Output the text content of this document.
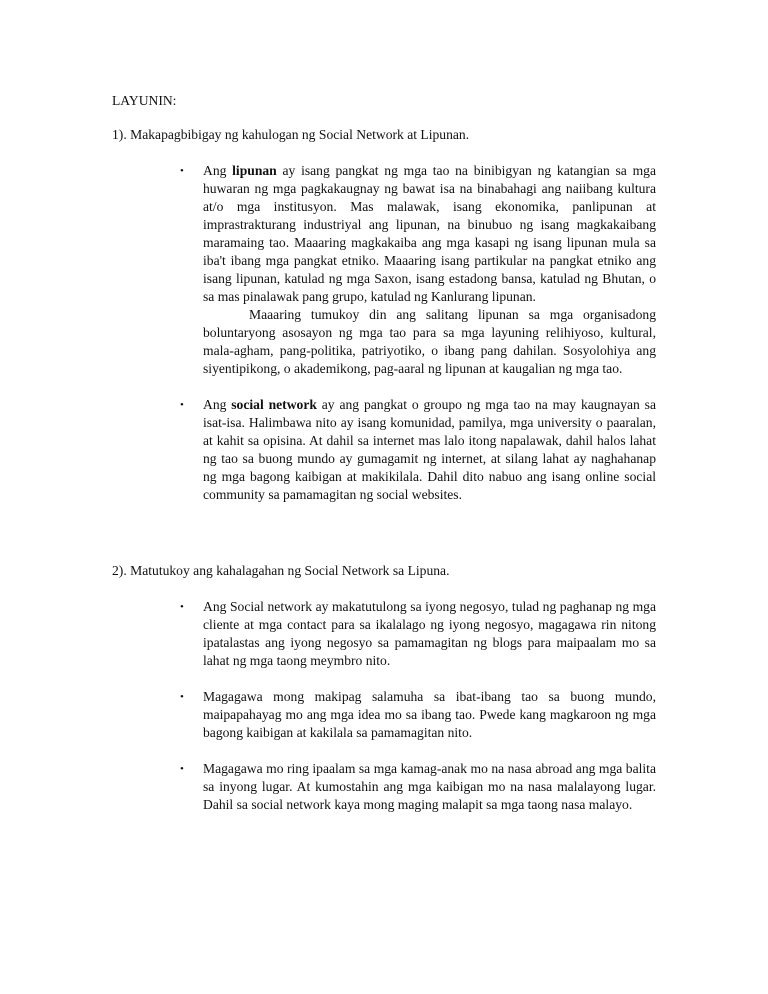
LAYUNIN:

1). Makapagbibigay ng kahulogan ng Social Network at Lipunan.

• Ang lipunan ay isang pangkat ng mga tao na binibigyan ng katangian sa mga huwaran ng mga pagkakaugnay ng bawat isa na binabahagi ang naiibang kultura at/o mga institusyon. Mas malawak, isang ekonomika, panlipunan at imprastrakturang industriyal ang lipunan, na binubuo ng isang magkakaibang maramaing tao. Maaaring magkakaiba ang mga kasapi ng isang lipunan mula sa iba't ibang mga pangkat etniko. Maaaring isang partikular na pangkat etniko ang isang lipunan, katulad ng mga Saxon, isang estadong bansa, katulad ng Bhutan, o sa mas pinalawak pang grupo, katulad ng Kanlurang lipunan.

Maaaring tumukoy din ang salitang lipunan sa mga organisadong boluntaryong asosayon ng mga tao para sa mga layuning relihiyoso, kultural, mala-agham, pang-politika, patriyotiko, o ibang pang dahilan. Sosyolohiya ang siyentipikong, o akademikong, pag-aaral ng lipunan at kaugalian ng mga tao.

• Ang social network ay ang pangkat o groupo ng mga tao na may kaugnayan sa isat-isa. Halimbawa nito ay isang komunidad, pamilya, mga university o paaralan, at kahit sa opisina. At dahil sa internet mas lalo itong napalawak, dahil halos lahat ng tao sa buong mundo ay gumagamit ng internet, at silang lahat ay naghahanap ng mga bagong kaibigan at makikilala. Dahil dito nabuo ang isang online social community sa pamamagitan ng social websites.

2). Matutukoy ang kahalagahan ng Social Network sa Lipuna.

• Ang Social network ay makatutulong sa iyong negosyo, tulad ng paghanap ng mga cliente at mga contact para sa ikalalago ng iyong negosyo, magagawa rin nitong ipatalastas ang iyong negosyo sa pamamagitan ng blogs para maipaalam mo sa lahat ng mga taong meymbro nito.

• Magagawa mong makipag salamuha sa ibat-ibang tao sa buong mundo, maipapahayag mo ang mga idea mo sa ibang tao. Pwede kang magkaroon ng mga bagong kaibigan at kakilala sa pamamagitan nito.

• Magagawa mo ring ipaalam sa mga kamag-anak mo na nasa abroad ang mga balita sa inyong lugar. At kumostahin ang mga kaibigan mo na nasa malalayong lugar. Dahil sa social network kaya mong maging malapit sa mga taong nasa malayo.
